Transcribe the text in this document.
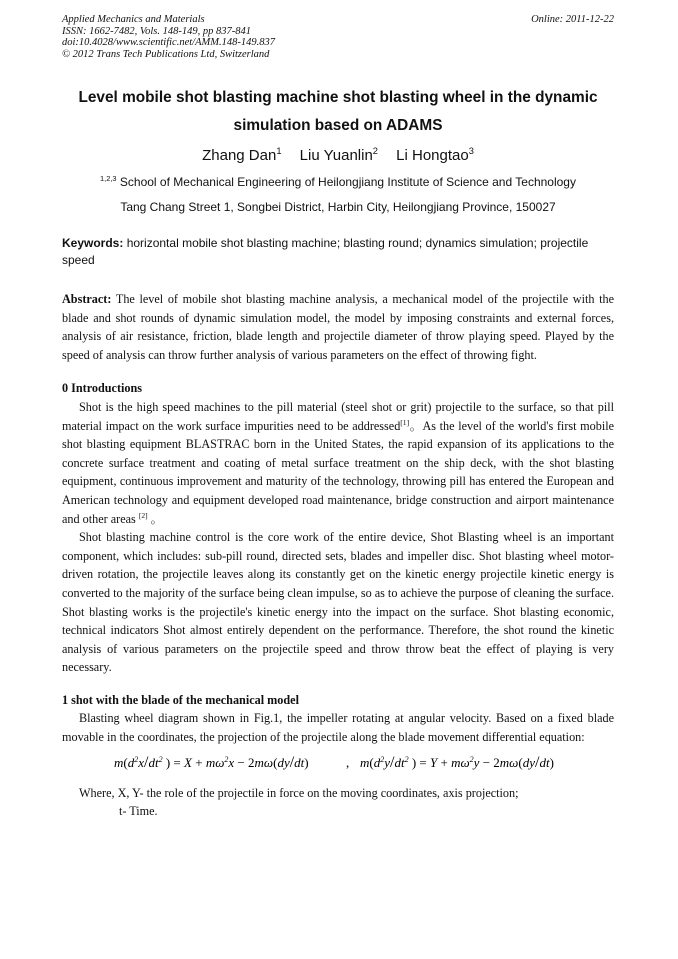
Applied Mechanics and Materials	Online: 2011-12-22
ISSN: 1662-7482, Vols. 148-149, pp 837-841
doi:10.4028/www.scientific.net/AMM.148-149.837
© 2012 Trans Tech Publications Ltd, Switzerland
Level mobile shot blasting machine shot blasting wheel in the dynamic
simulation based on ADAMS
Zhang Dan$^1$ Liu Yuanlin$^2$ Li Hongtao$^3$
$^{1,2,3}$ School of Mechanical Engineering of Heilongjiang Institute of Science and Technology
Tang Chang Street 1, Songbei District, Harbin City, Heilongjiang Province, 150027
Keywords: horizontal mobile shot blasting machine; blasting round; dynamics simulation; projectile speed
Abstract: The level of mobile shot blasting machine analysis, a mechanical model of the projectile with the blade and shot rounds of dynamic simulation model, the model by imposing constraints and external forces, analysis of air resistance, friction, blade length and projectile diameter of throw playing speed. Played by the speed of analysis can throw further analysis of various parameters on the effect of throwing fight.
0 Introductions

Shot is the high speed machines to the pill material (steel shot or grit) projectile to the surface, so that pill material impact on the work surface impurities need to be addressed[1]。As the level of the world's first mobile shot blasting equipment BLASTRAC born in the United States, the rapid expansion of its applications to the concrete surface treatment and coating of metal surface treatment on the ship deck, with the shot blasting equipment, continuous improvement and maturity of the technology, throwing pill has entered the European and American technology and equipment developed road maintenance, bridge construction and airport maintenance and other areas [2] 。

Shot blasting machine control is the core work of the entire device, Shot Blasting wheel is an important component, which includes: sub-pill round, directed sets, blades and impeller disc. Shot blasting wheel motor-driven rotation, the projectile leaves along its constantly get on the kinetic energy projectile kinetic energy is converted to the majority of the surface being clean impulse, so as to achieve the purpose of cleaning the surface. Shot blasting works is the projectile's kinetic energy into the impact on the surface. Shot blasting economic, technical indicators Shot almost entirely dependent on the performance. Therefore, the shot round the kinetic analysis of various parameters on the projectile speed and throw throw beat the effect of playing is very necessary.

1 shot with the blade of the mechanical model

Blasting wheel diagram shown in Fig.1, the impeller rotating at angular velocity. Based on a fixed blade movable in the coordinates, the projection of the projectile along the blade movement differential equation:

$m(d^2x/dt^2$ ) = $X + m\omega^2x - 2m\omega(dy/dt)$	, $m(d^2y/dt^2$ ) = $Y + m\omega^2y - 2m\omega(dy/dt)$

Where, X, Y- the role of the projectile in force on the moving coordinates, axis projection;

t- Time.
